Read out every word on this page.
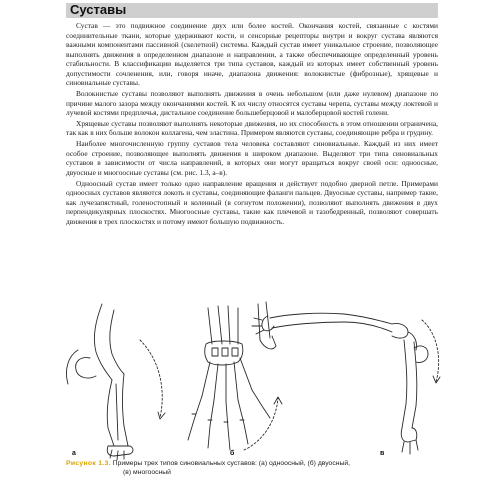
Суставы

Сустав — это подвижное соединение двух или более костей. Окончания костей, связанные с костями соединительные ткани, которые удерживают кости, и сенсорные рецепторы внутри и вокруг сустава являются важными компонентами пассивной (скелетной) системы. Каждый сустав имеет уникальное строение, позволяющее выполнять движения в определенном диапазоне и направлении, а также обеспечивающее определенный уровень стабильности. В классификации выделяется три типа суставов, каждый из которых имеет собственный уровень допустимости сочленения, или, говоря иначе, диапазона движения: волокнистые (фиброзные), хрящевые и синовиальные суставы.

Волокнистые суставы позволяют выполнять движения в очень небольшом (или даже нулевом) диапазоне по причине малого зазора между окончаниями костей. К их числу относятся суставы черепа, суставы между локтевой и лучевой костями предплечья, дистальное соединение большеберцовой и малоберцовой костей голени.

Хрящевые суставы позволяют выполнять некоторые движения, но их способность в этом отношении ограничена, так как в них больше волокон коллагена, чем эластина. Примером являются суставы, соединяющие ребра и грудину.

Наиболее многочисленную группу суставов тела человека составляют синовиальные. Каждый из них имеет особое строение, позволяющее выполнять движения в широком диапазоне. Выделяют три типа синовиальных суставов в зависимости от числа направлений, в которых они могут вращаться вокруг своей оси: одноосные, двуосные и многоосные суставы (см. рис. 1.3, а–в).

Одноосный сустав имеет только одно направление вращения и действует подобно дверной петле. Примерами одноосных суставов являются локоть и суставы, соединяющие фаланги пальцев. Двуосные суставы, например такие, как лучезапястный, голеностопный и коленный (в согнутом положении), позволяют выполнять движения в двух перпендикулярных плоскостях. Многоосные суставы, такие как плечевой и тазобедренный, позволяют совершать движения в трех плоскостях и потому имеют большую подвижность.

а	б	в
Рисунок 1.3. Примеры трех типов синовиальных суставов: (а) одноосный, (б) двуосный,
(в) многоосный
